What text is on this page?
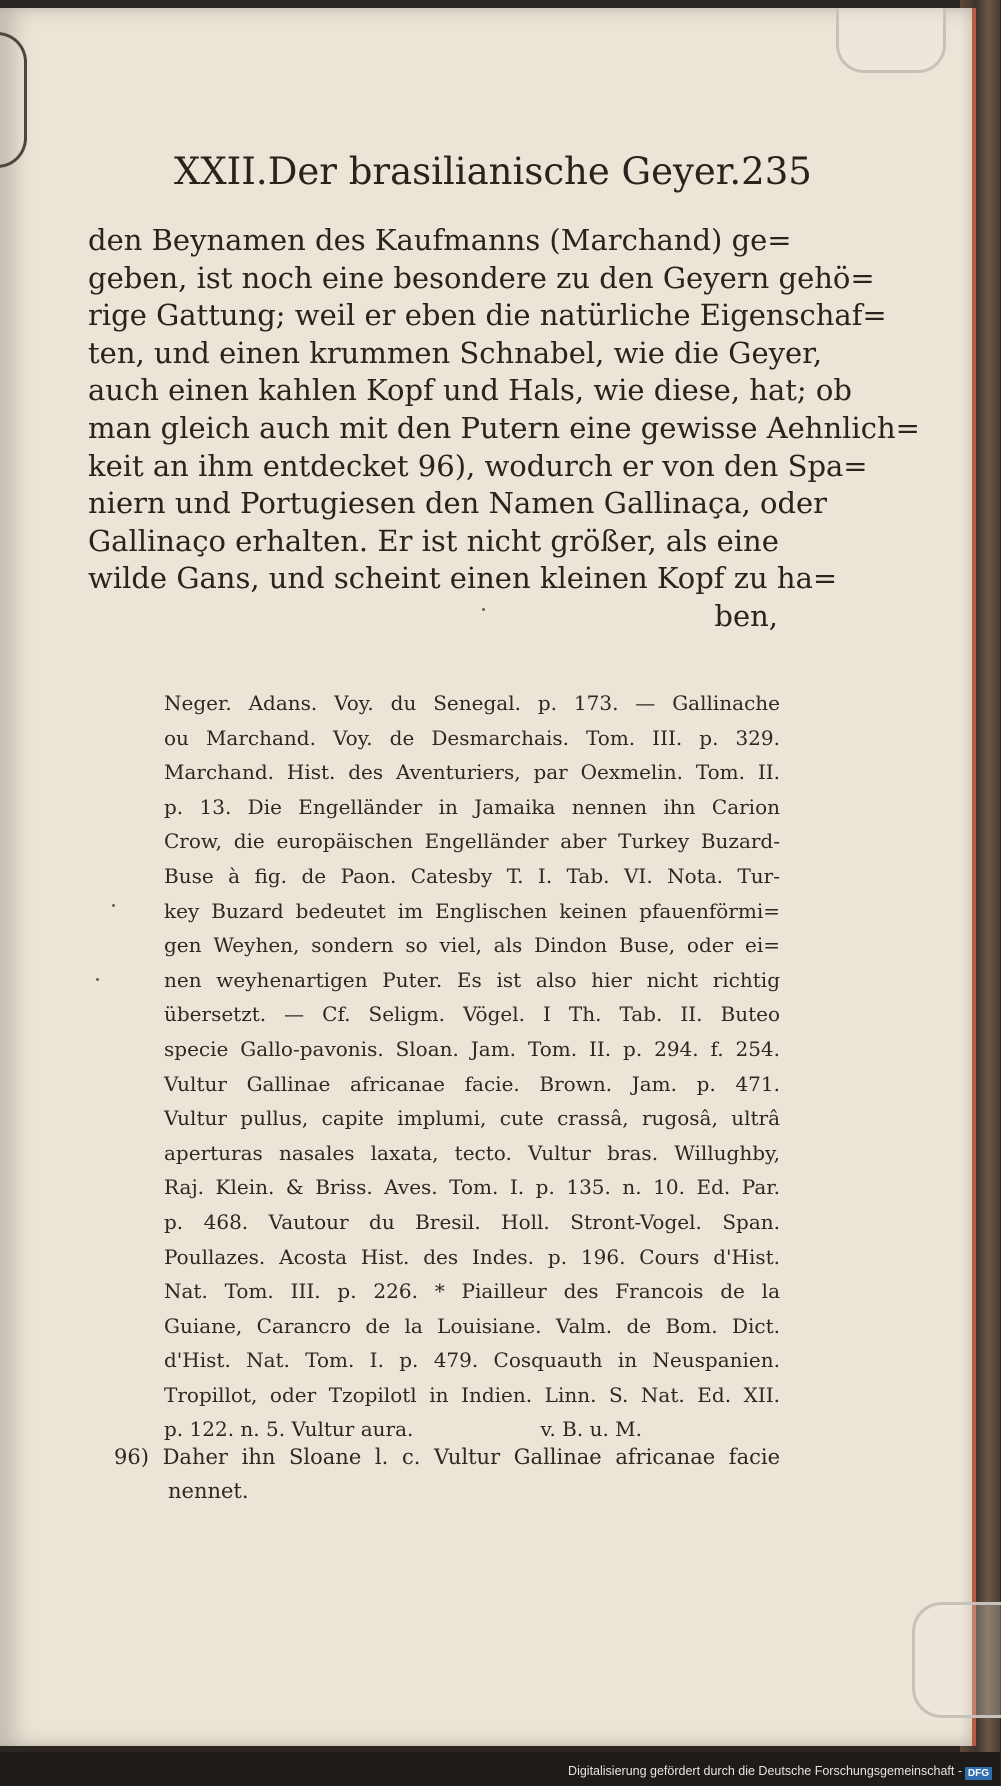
XXII. Der brasilianische Geyer. 235
den Beynamen des Kaufmanns (Marchand) ge=
geben, ist noch eine besondere zu den Geyern gehö=
rige Gattung; weil er eben die natürliche Eigenschaf=
ten, und einen krummen Schnabel, wie die Geyer,
auch einen kahlen Kopf und Hals, wie diese, hat; ob
man gleich auch mit den Putern eine gewisse Aehnlich=
keit an ihm entdecket 96), wodurch er von den Spa=
niern und Portugiesen den Namen Gallinaça, oder
Gallinaço erhalten. Er ist nicht größer, als eine
wilde Gans, und scheint einen kleinen Kopf zu ha=
ben,
Neger. Adans. Voy. du Senegal. p. 173. — Gallinache
ou Marchand. Voy. de Desmarchais. Tom. III. p. 329.
Marchand. Hist. des Aventuriers, par Oexmelin. Tom. II.
p. 13. Die Engelländer in Jamaika nennen ihn Carion
Crow, die europäischen Engelländer aber Turkey Buzard-
Buse à fig. de Paon. Catesby T. I. Tab. VI. Nota. Tur-
key Buzard bedeutet im Englischen keinen pfauenförmi=
gen Weyhen, sondern so viel, als Dindon Buse, oder ei=
nen weyhenartigen Puter. Es ist also hier nicht richtig
übersetzt. — Cf. Seligm. Vögel. I Th. Tab. II. Buteo
specie Gallo-pavonis. Sloan. Jam. Tom. II. p. 294. f. 254.
Vultur Gallinae africanae facie. Brown. Jam. p. 471.
Vultur pullus, capite implumi, cute crassâ, rugosâ, ultrâ
aperturas nasales laxata, tecto. Vultur bras. Willughby,
Raj. Klein. & Briss. Aves. Tom. I. p. 135. n. 10. Ed. Par.
p. 468. Vautour du Bresil. Holl. Stront-Vogel. Span.
Poullazes. Acosta Hist. des Indes. p. 196. Cours d'Hist.
Nat. Tom. III. p. 226. * Piailleur des Francois de la
Guiane, Carancro de la Louisiane. Valm. de Bom. Dict.
d'Hist. Nat. Tom. I. p. 479. Cosquauth in Neuspanien.
Tropillot, oder Tzopilotl in Indien. Linn. S. Nat. Ed. XII.
p. 122. n. 5. Vultur aura.                    v. B. u. M.
96) Daher ihn Sloane l. c. Vultur Gallinae africanae facie
nennet.
Digitalisierung gefördert durch die Deutsche Forschungsgemeinschaft - DFG
